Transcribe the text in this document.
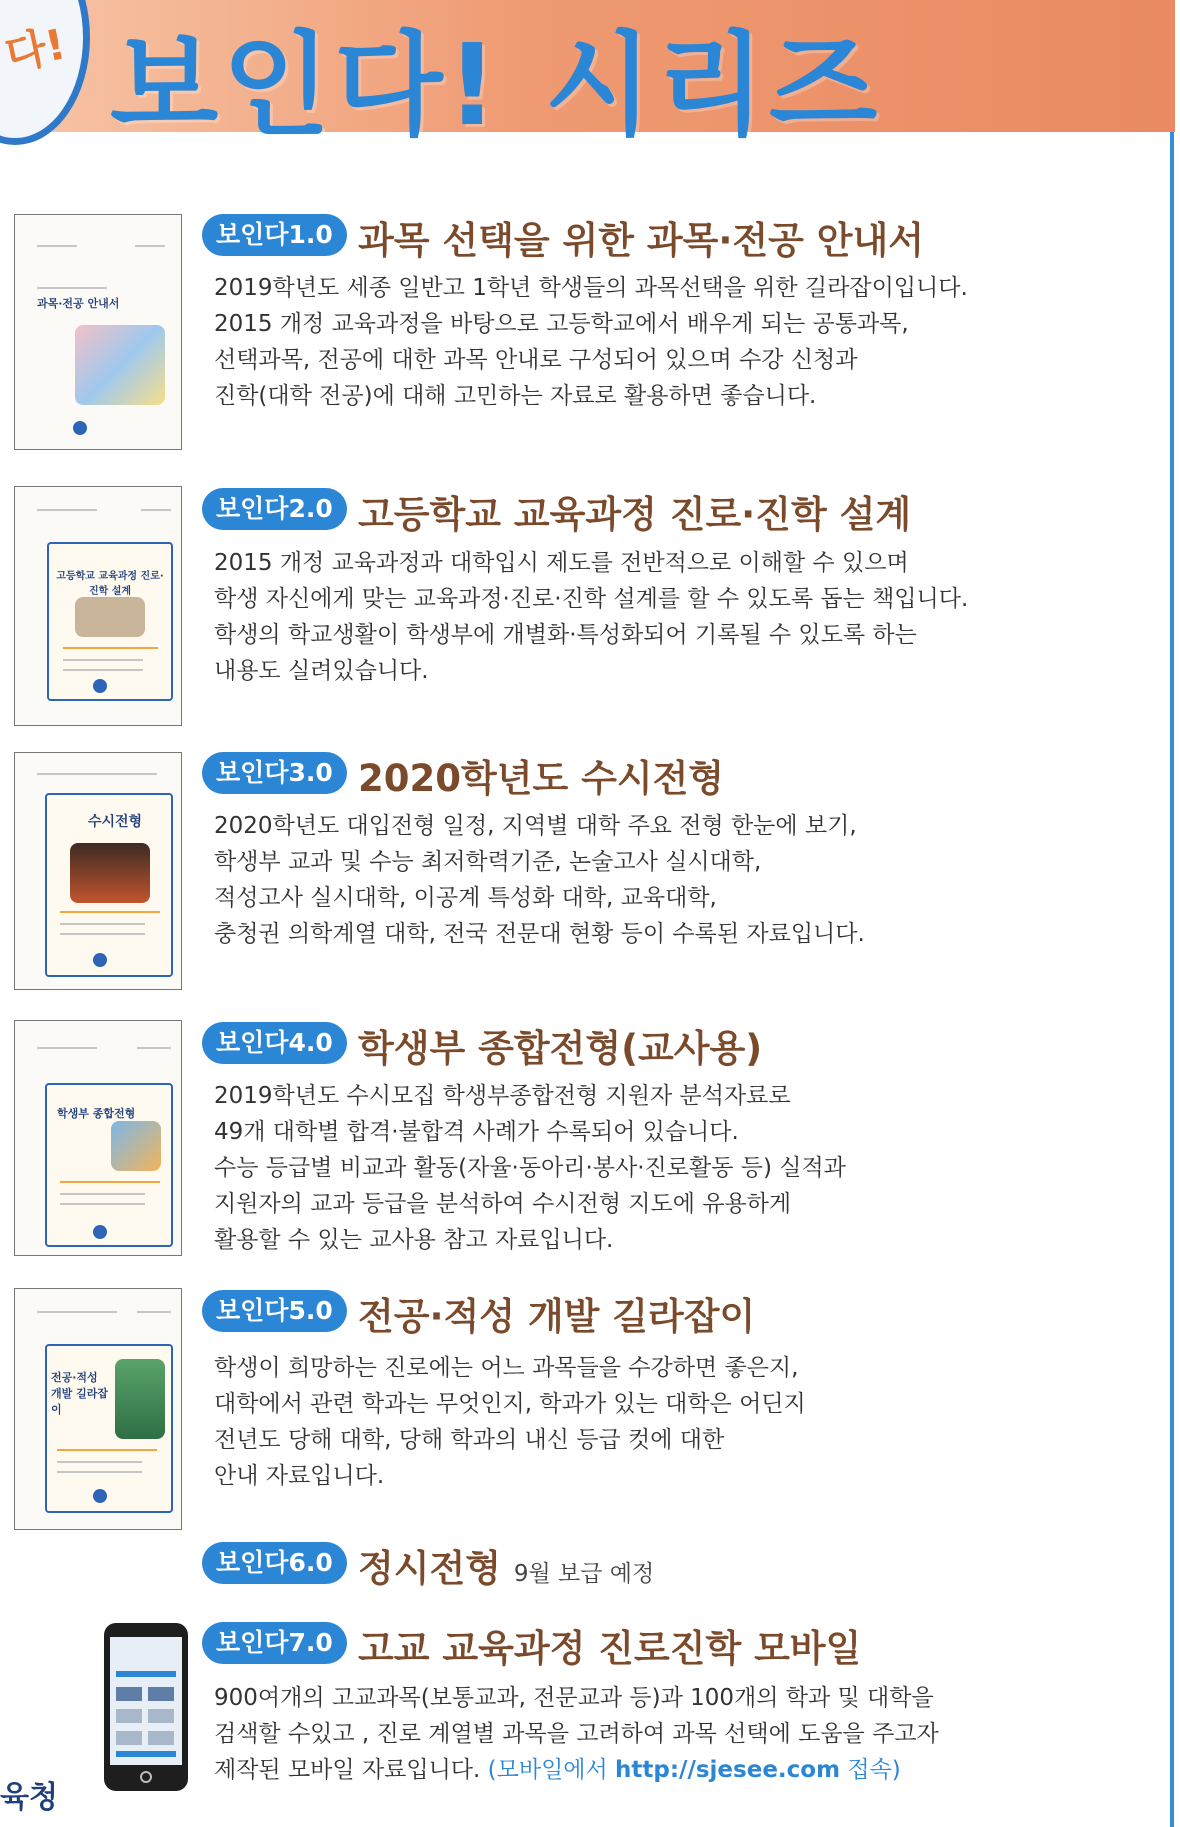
다! 보인다! 시리즈
과목·전공 안내서
보인다1.0 과목 선택을 위한 과목·전공 안내서
2019학년도 세종 일반고 1학년 학생들의 과목선택을 위한 길라잡이입니다.
2015 개정 교육과정을 바탕으로 고등학교에서 배우게 되는 공통과목,
선택과목, 전공에 대한 과목 안내로 구성되어 있으며 수강 신청과
진학(대학 전공)에 대해 고민하는 자료로 활용하면 좋습니다.
고등학교 교육과정 진로·진학 설계
보인다2.0 고등학교 교육과정 진로·진학 설계
2015 개정 교육과정과 대학입시 제도를 전반적으로 이해할 수 있으며
학생 자신에게 맞는 교육과정·진로·진학 설계를 할 수 있도록 돕는 책입니다.
학생의 학교생활이 학생부에 개별화·특성화되어 기록될 수 있도록 하는
내용도 실려있습니다.
수시전형
보인다3.0 2020학년도 수시전형
2020학년도 대입전형 일정, 지역별 대학 주요 전형 한눈에 보기,
학생부 교과 및 수능 최저학력기준, 논술고사 실시대학,
적성고사 실시대학, 이공계 특성화 대학, 교육대학,
충청권 의학계열 대학, 전국 전문대 현황 등이 수록된 자료입니다.
학생부 종합전형
보인다4.0 학생부 종합전형(교사용)
2019학년도 수시모집 학생부종합전형 지원자 분석자료로
49개 대학별 합격·불합격 사례가 수록되어 있습니다.
수능 등급별 비교과 활동(자율·동아리·봉사·진로활동 등) 실적과
지원자의 교과 등급을 분석하여 수시전형 지도에 유용하게
활용할 수 있는 교사용 참고 자료입니다.
전공·적성 개발 길라잡이
보인다5.0 전공·적성 개발 길라잡이
학생이 희망하는 진로에는 어느 과목들을 수강하면 좋은지,
대학에서 관련 학과는 무엇인지, 학과가 있는 대학은 어딘지
전년도 당해 대학, 당해 학과의 내신 등급 컷에 대한
안내 자료입니다.
보인다6.0 정시전형 9월 보급 예정
보인다7.0 고교 교육과정 진로진학 모바일
900여개의 고교과목(보통교과, 전문교과 등)과 100개의 학과 및 대학을
검색할 수있고 , 진로 계열별 과목을 고려하여 과목 선택에 도움을 주고자
제작된 모바일 자료입니다. (모바일에서 http://sjesee.com 접속)
육청
